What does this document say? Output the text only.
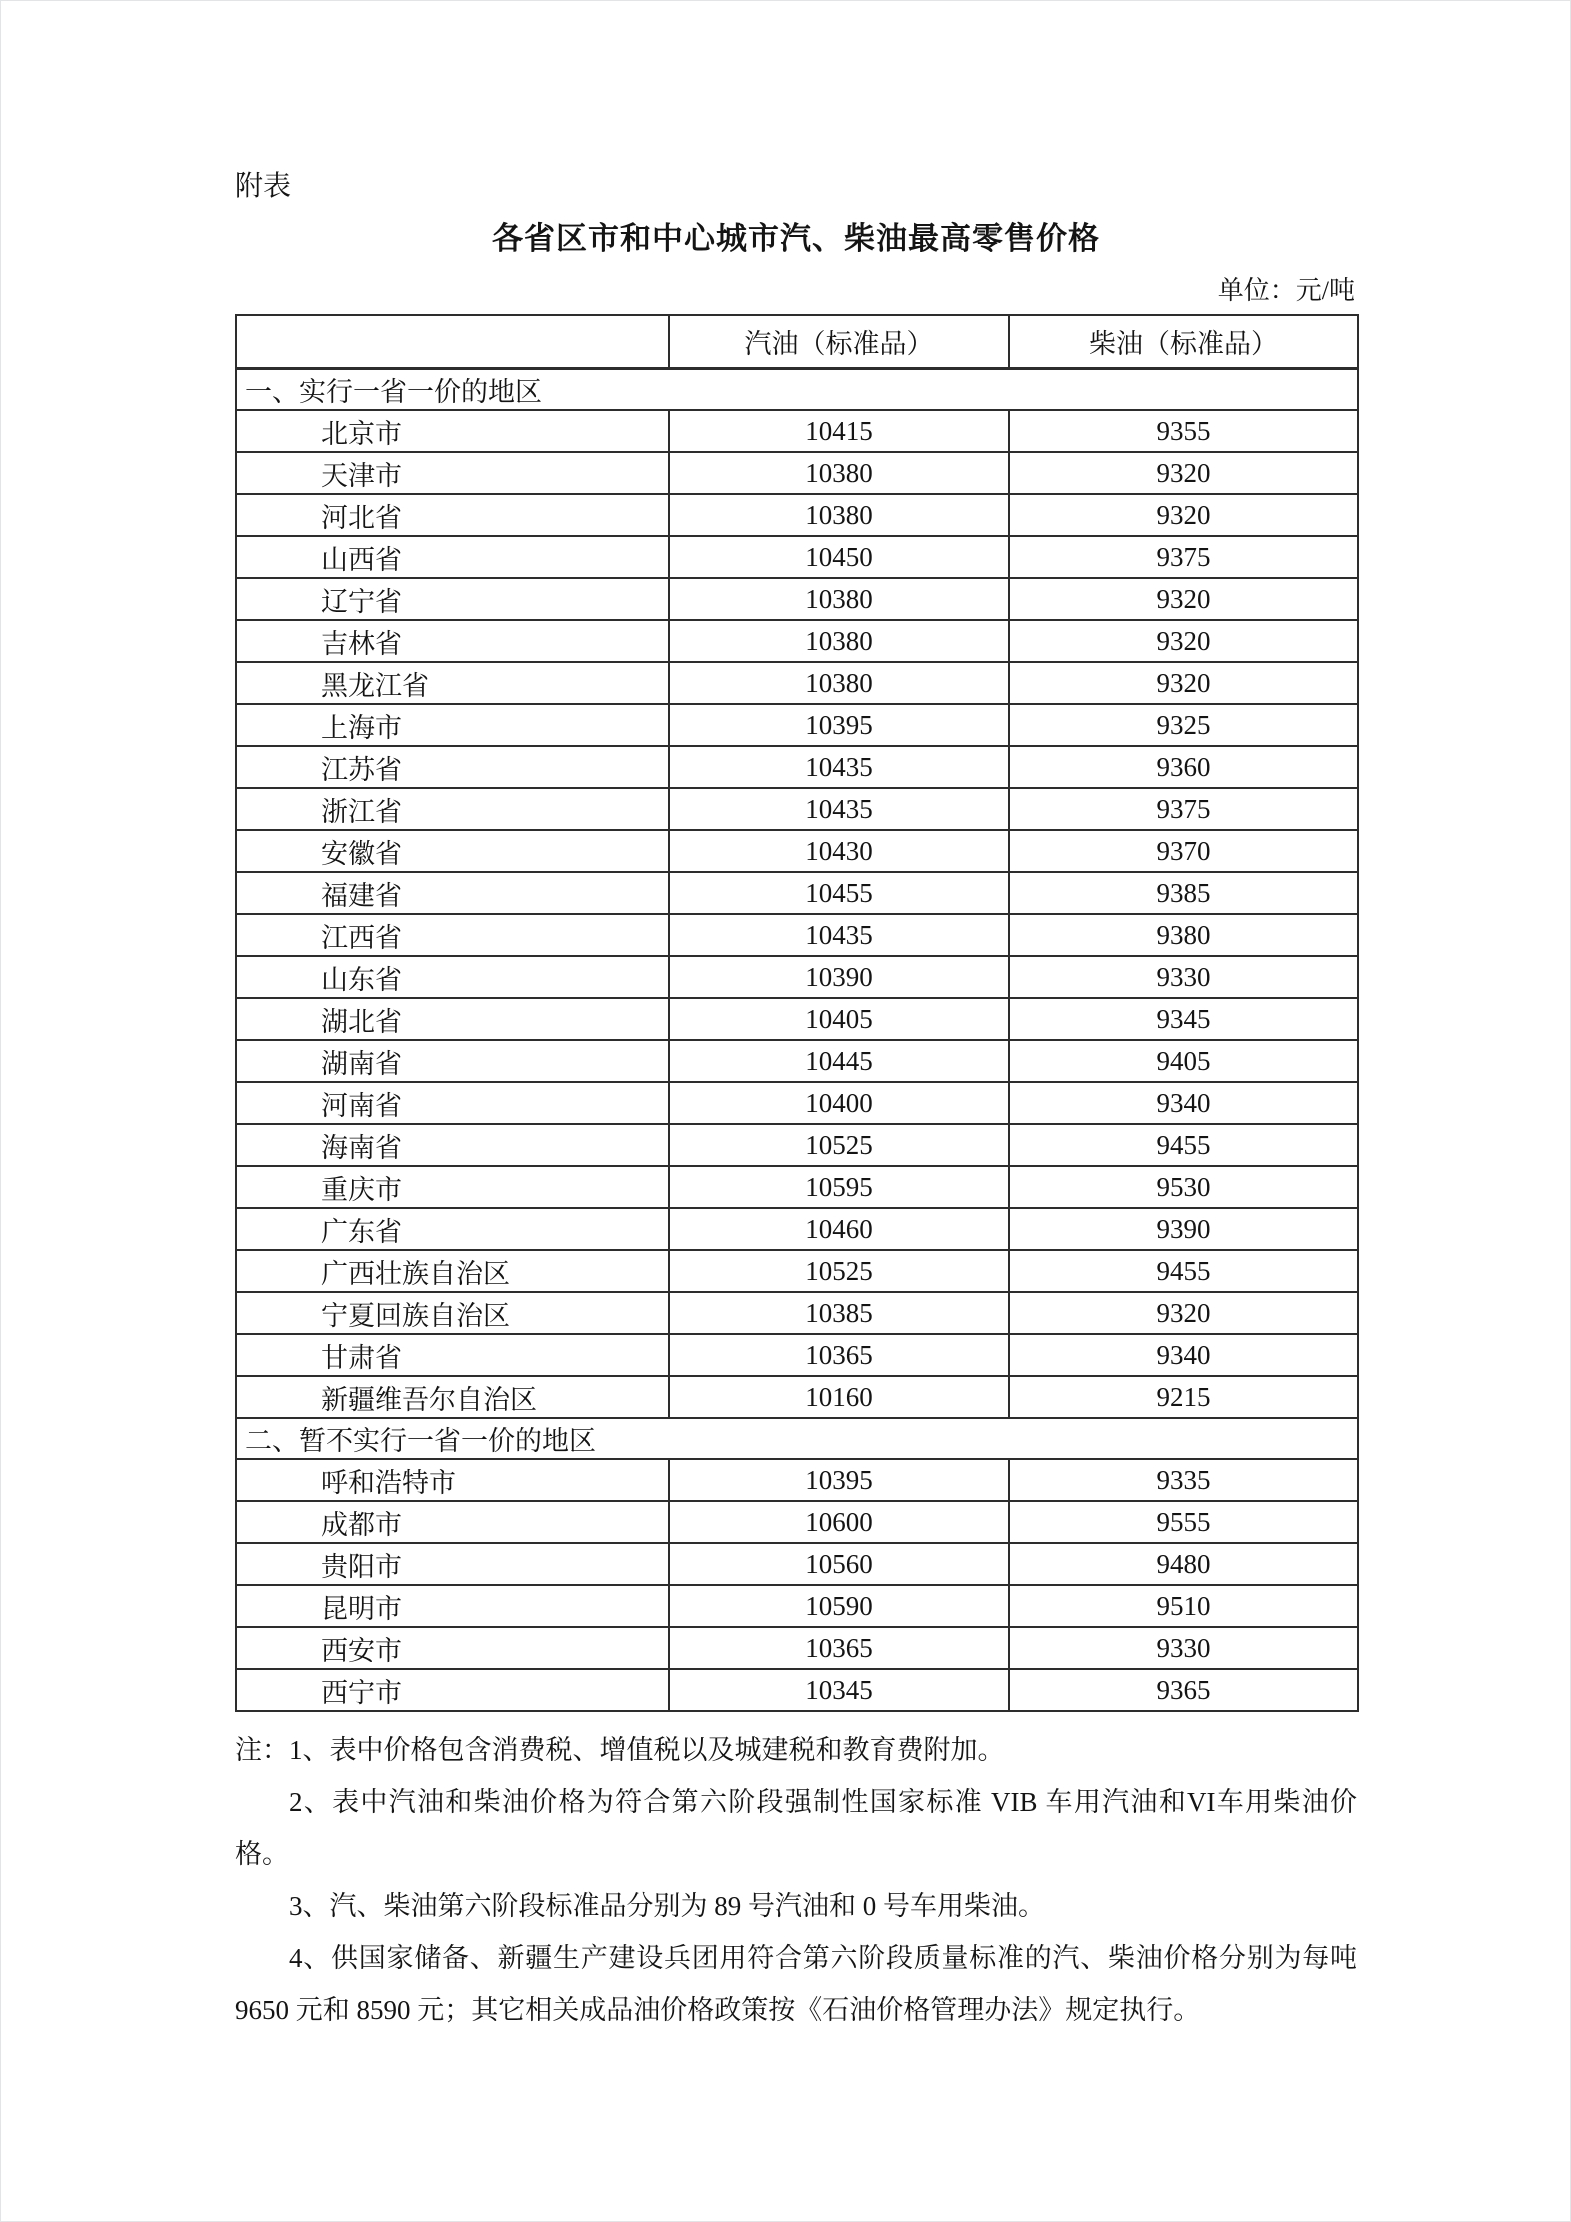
附表
各省区市和中心城市汽、柴油最高零售价格
单位：元/吨
	汽油（标准品）	柴油（标准品）
一、实行一省一价的地区		
北京市	10415	9355
天津市	10380	9320
河北省	10380	9320
山西省	10450	9375
辽宁省	10380	9320
吉林省	10380	9320
黑龙江省	10380	9320
上海市	10395	9325
江苏省	10435	9360
浙江省	10435	9375
安徽省	10430	9370
福建省	10455	9385
江西省	10435	9380
山东省	10390	9330
湖北省	10405	9345
湖南省	10445	9405
河南省	10400	9340
海南省	10525	9455
重庆市	10595	9530
广东省	10460	9390
广西壮族自治区	10525	9455
宁夏回族自治区	10385	9320
甘肃省	10365	9340
新疆维吾尔自治区	10160	9215
二、暂不实行一省一价的地区		
呼和浩特市	10395	9335
成都市	10600	9555
贵阳市	10560	9480
昆明市	10590	9510
西安市	10365	9330
西宁市	10345	9365

注：1、表中价格包含消费税、增值税以及城建税和教育费附加。

2、表中汽油和柴油价格为符合第六阶段强制性国家标准 VIB 车用汽油和VI车用柴油价格。

3、汽、柴油第六阶段标准品分别为 89 号汽油和 0 号车用柴油。

4、供国家储备、新疆生产建设兵团用符合第六阶段质量标准的汽、柴油价格分别为每吨 9650 元和 8590 元；其它相关成品油价格政策按《石油价格管理办法》规定执行。
